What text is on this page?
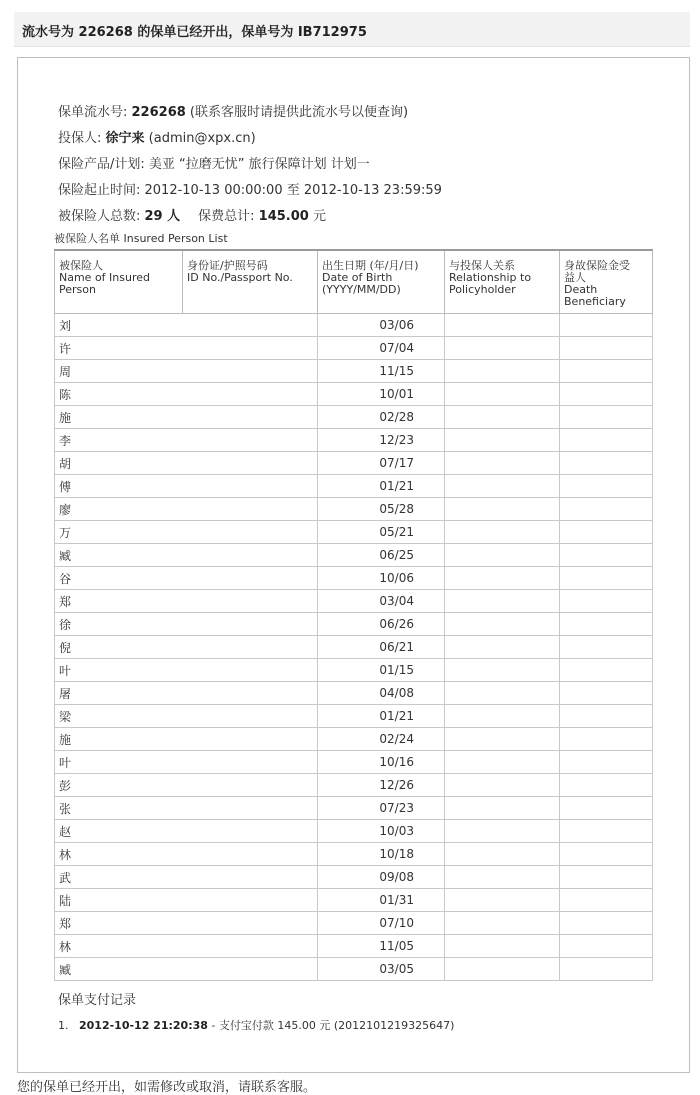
流水号为 226268 的保单已经开出，保单号为 IB712975
保单流水号: 226268 (联系客服时请提供此流水号以便查询)
投保人: 徐宁来 (admin@xpx.cn)
保险产品/计划: 美亚 “拉磨无忧” 旅行保障计划 计划一
保险起止时间: 2012-10-13 00:00:00 至 2012-10-13 23:59:59
被保险人总数: 29 人 保费总计: 145.00 元
被保险人名单 Insured Person List
被保险人
Name of Insured
Person	身份证/护照号码
ID No./Passport No.	出生日期 (年/月/日)
Date of Birth
(YYYY/MM/DD)	与投保人关系
Relationship to
Policyholder	身故保险金受
益人
Death
Beneficiary
刘		03/06		
许		07/04		
周		11/15		
陈		10/01		
施		02/28		
李		12/23		
胡		07/17		
傅		01/21		
廖		05/28		
万		05/21		
臧		06/25		
谷		10/06		
郑		03/04		
徐		06/26		
倪		06/21		
叶		01/15		
屠		04/08		
梁		01/21		
施		02/24		
叶		10/16		
彭		12/26		
张		07/23		
赵		10/03		
林		10/18		
武		09/08		
陆		01/31		
郑		07/10		
林		11/05		
臧		03/05		
保单支付记录
1. 2012-10-12 21:20:38 - 支付宝付款 145.00 元 (2012101219325647)
您的保单已经开出，如需修改或取消，请联系客服。
